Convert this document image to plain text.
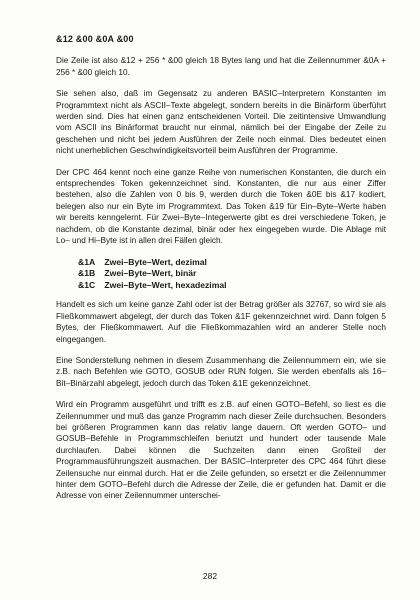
&12 &00 &0A &00

Die Zeile ist also &12 + 256 * &00 gleich 18 Bytes lang und hat die Zeilennummer &0A + 256 * &00 gleich 10.

Sie sehen also, daß im Gegensatz zu anderen BASIC–Interpretern Konstanten im Programmtext nicht als ASCII–Texte abgelegt, sondern bereits in die Binärform überführt werden sind. Dies hat einen ganz entscheidenen Vorteil. Die zeitintensive Umwandlung vom ASCII ins Binärformat braucht nur einmal, nämlich bei der Eingabe der Zeile zu geschehen und nicht bei jedem Ausführen der Zeile noch einmal. Dies bedeutet einen nicht unerheblichen Geschwindigkeitsvorteil beim Ausführen der Programme.

Der CPC 464 kennt noch eine ganze Reihe von numerischen Konstanten, die durch ein entsprechendes Token gekennzeichnet sind. Konstanten, die nur aus einer Ziffer bestehen, also die Zahlen von 0 bis 9, werden durch die Token &0E bis &17 kodiert, belegen also nur ein Byte im Programmtext. Das Token &19 für Ein–Byte–Werte haben wir bereits kenngelernt. Für Zwei–Byte–Integerwerte gibt es drei verschiedene Token, je nachdem, ob die Konstante dezimal, binär oder hex eingegeben wurde. Die Ablage mit Lo– und Hi–Byte ist in allen drei Fällen gleich.

&1A Zwei–Byte–Wert, dezimal
&1B Zwei–Byte–Wert, binär
&1C Zwei–Byte–Wert, hexadezimal

Handelt es sich um keine ganze Zahl oder ist der Betrag größer als 32767, so wird sie als Fließkommawert abgelegt, der durch das Token &1F gekennzeichnet wird. Dann folgen 5 Bytes, der Fließkommawert. Auf die Fließkommazahlen wird an anderer Stelle noch eingegangen.

Eine Sonderstellung nehmen in diesem Zusammenhang die Zeilennummern ein, wie sie z.B. nach Befehlen wie GOTO, GOSUB oder RUN folgen. Sie werden ebenfalls als 16–Bit–Binärzahl abgelegt, jedoch durch das Token &1E gekennzeichnet.

Wird ein Programm ausgeführt und trifft es z.B. auf einen GOTO–Befehl, so liest es die Zeilennummer und muß das ganze Programm nach dieser Zeile durchsuchen. Besonders bei größeren Programmen kann das relativ lange dauern. Oft werden GOTO– und GOSUB–Befehle in Programmschleifen benutzt und hundert oder tausende Male durchlaufen. Dabei können die Suchzeiten dann einen Großteil der Programmausführungszeit ausmachen. Der BASIC–Interpreter des CPC 464 führt diese Zeilensuche nur einmal durch. Hat er die Zeile gefunden, so ersetzt er die Zeilennummer hinter dem GOTO–Befehl durch die Adresse der Zeile, die er gefunden hat. Damit er die Adresse von einer Zeilennummer unterschei-

282
